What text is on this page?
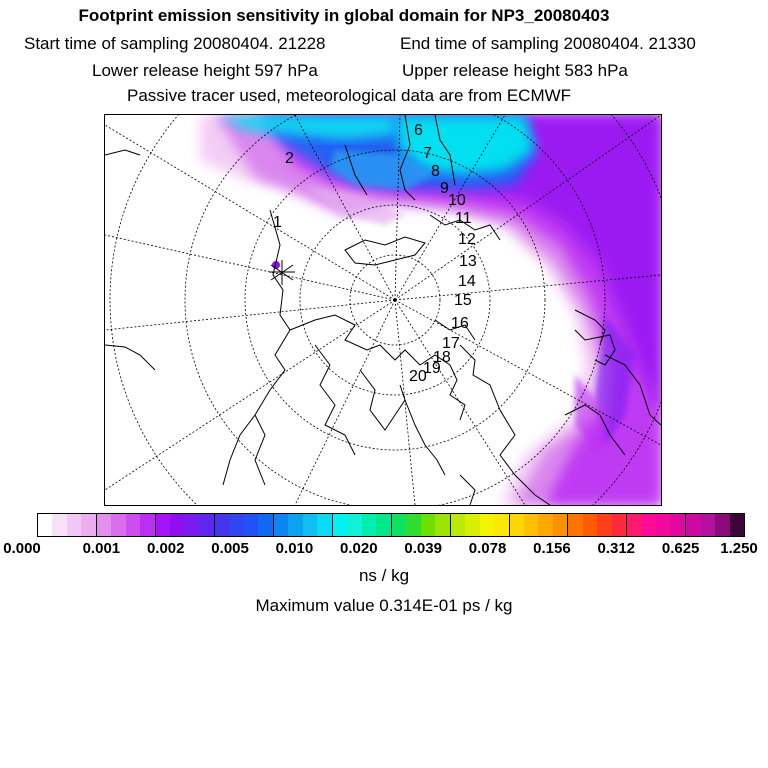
Footprint emission sensitivity in global domain for NP3_20080403
Start time of sampling 20080404. 21228	End time of sampling 20080404. 21330
Lower release height 597 hPa	Upper release height 583 hPa
Passive tracer used, meteorological data are from ECMWF
1
2
6
7
8
9
10
11
12
13
14
15
16
17
18
19
20
0.000	0.001 0.002 0.005 0.010 0.020 0.039 0.078 0.156 0.312 0.625 1.250
ns / kg
Maximum value 0.314E-01 ps / kg
